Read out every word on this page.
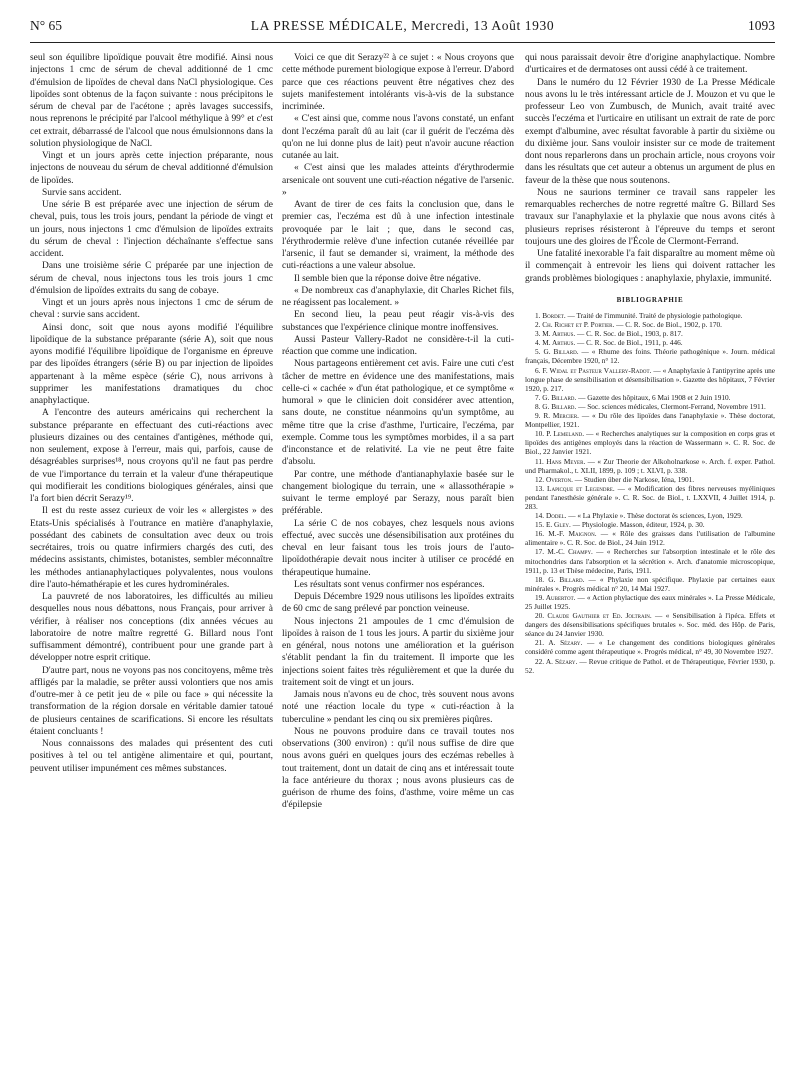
LA PRESSE MÉDICALE, Mercredi, 13 Août 1930
N° 65	1093

seul son équilibre lipoïdique pouvait être modifié. Ainsi nous injectons 1 cmc de sérum de cheval additionné de 1 cmc d'émulsion de lipoïdes de cheval dans NaCl physiologique. Ces lipoïdes sont obtenus de la façon suivante : nous précipitons le sérum de cheval par de l'acétone ; après lavages successifs, nous reprenons le précipité par l'alcool méthylique à 99° et c'est cet extrait, débarrassé de l'alcool que nous émulsionnons dans la solution physiologique de NaCl.

Vingt et un jours après cette injection préparante, nous injectons de nouveau du sérum de cheval additionné d'émulsion de lipoïdes.

Survie sans accident.

Une série B est préparée avec une injection de sérum de cheval, puis, tous les trois jours, pendant la période de vingt et un jours, nous injectons 1 cmc d'émulsion de lipoïdes extraits du sérum de cheval : l'injection déchaînante s'effectue sans accident.

Dans une troisième série C préparée par une injection de sérum de cheval, nous injectons tous les trois jours 1 cmc d'émulsion de lipoïdes extraits du sang de cobaye.

Vingt et un jours après nous injectons 1 cmc de sérum de cheval : survie sans accident.

Ainsi donc, soit que nous ayons modifié l'équilibre lipoïdique de la substance préparante (série A), soit que nous ayons modifié l'équilibre lipoïdique de l'organisme en épreuve par des lipoïdes étrangers (série B) ou par injection de lipoïdes appartenant à la même espèce (série C), nous arrivons à supprimer les manifestations dramatiques du choc anaphylactique.

A l'encontre des auteurs américains qui recherchent la substance préparante en effectuant des cuti-réactions avec plusieurs dizaines ou des centaines d'antigènes, méthode qui, non seulement, expose à l'erreur, mais qui, parfois, cause de désagréables surprises¹⁸, nous croyons qu'il ne faut pas perdre de vue l'importance du terrain et la valeur d'une thérapeutique qui modifierait les conditions biologiques générales, ainsi que l'a fort bien décrit Serazy¹⁹.

Il est du reste assez curieux de voir les « allergistes » des Etats-Unis spécialisés à l'outrance en matière d'anaphylaxie, possédant des cabinets de consultation avec deux ou trois secrétaires, trois ou quatre infirmiers chargés des cuti, des médecins assistants, chimistes, botanistes, sembler méconnaître les méthodes antianaphylactiques polyvalentes, nous voulons dire l'auto-hémathérapie et les cures hydrominérales.

La pauvreté de nos laboratoires, les difficultés au milieu desquelles nous nous débattons, nous Français, pour arriver à vérifier, à réaliser nos conceptions (dix années vécues au laboratoire de notre maître regretté G. Billard nous l'ont suffisamment démontré), contribuent pour une grande part à développer notre esprit critique.

D'autre part, nous ne voyons pas nos concitoyens, même très affligés par la maladie, se prêter aussi volontiers que nos amis d'outre-mer à ce petit jeu de « pile ou face » qui nécessite la transformation de la région dorsale en véritable damier tatoué de plusieurs centaines de scarifications. Si encore les résultats étaient concluants !

Nous connaissons des malades qui présentent des cuti positives à tel ou tel antigène alimentaire et qui, pourtant, peuvent utiliser impunément ces mêmes substances.

Voici ce que dit Serazy²² à ce sujet : « Nous croyons que cette méthode purement biologique expose à l'erreur. D'abord parce que ces réactions peuvent être négatives chez des sujets manifestement intolérants vis-à-vis de la substance incriminée.

« C'est ainsi que, comme nous l'avons constaté, un enfant dont l'eczéma paraît dû au lait (car il guérit de l'eczéma dès qu'on ne lui donne plus de lait) peut n'avoir aucune réaction cutanée au lait.

« C'est ainsi que les malades atteints d'érythrodermie arsenicale ont souvent une cuti-réaction négative de l'arsenic. »

Avant de tirer de ces faits la conclusion que, dans le premier cas, l'eczéma est dû à une infection intestinale provoquée par le lait ; que, dans le second cas, l'érythrodermie relève d'une infection cutanée réveillée par l'arsenic, il faut se demander si, vraiment, la méthode des cuti-réactions a une valeur absolue.

Il semble bien que la réponse doive être négative.

« De nombreux cas d'anaphylaxie, dit Charles Richet fils, ne réagissent pas localement. »

En second lieu, la peau peut réagir vis-à-vis des substances que l'expérience clinique montre inoffensives.

Aussi Pasteur Vallery-Radot ne considère-t-il la cuti-réaction que comme une indication.

Nous partageons entièrement cet avis. Faire une cuti c'est tâcher de mettre en évidence une des manifestations, mais celle-ci « cachée » d'un état pathologique, et ce symptôme « humoral » que le clinicien doit considérer avec attention, sans doute, ne constitue néanmoins qu'un symptôme, au même titre que la crise d'asthme, l'urticaire, l'eczéma, par exemple. Comme tous les symptômes morbides, il a sa part d'inconstance et de relativité. La vie ne peut être faite d'absolu.

Par contre, une méthode d'antianaphylaxie basée sur le changement biologique du terrain, une « allassothérapie » suivant le terme employé par Serazy, nous paraît bien préférable.

La série C de nos cobayes, chez lesquels nous avions effectué, avec succès une désensibilisation aux protéines du cheval en leur faisant tous les trois jours de l'auto-lipoïdothérapie devait nous inciter à utiliser ce procédé en thérapeutique humaine.

Les résultats sont venus confirmer nos espérances.

Depuis Décembre 1929 nous utilisons les lipoïdes extraits de 60 cmc de sang prélevé par ponction veineuse.

Nous injectons 21 ampoules de 1 cmc d'émulsion de lipoïdes à raison de 1 tous les jours. A partir du sixième jour en général, nous notons une amélioration et la guérison s'établit pendant la fin du traitement. Il importe que les injections soient faites très régulièrement et que la durée du traitement soit de vingt et un jours.

Jamais nous n'avons eu de choc, très souvent nous avons noté une réaction locale du type « cuti-réaction à la tuberculine » pendant les cinq ou six premières piqûres.

Nous ne pouvons produire dans ce travail toutes nos observations (300 environ) : qu'il nous suffise de dire que nous avons guéri en quelques jours des eczémas rebelles à tout traitement, dont un datait de cinq ans et intéressait toute la face antérieure du thorax ; nous avons plusieurs cas de guérison de rhume des foins, d'asthme, voire même un cas d'épilepsie

qui nous paraissait devoir être d'origine anaphylactique. Nombre d'urticaires et de dermatoses ont aussi cédé à ce traitement.

Dans le numéro du 12 Février 1930 de La Presse Médicale nous avons lu le très intéressant article de J. Mouzon et vu que le professeur Leo von Zumbusch, de Munich, avait traité avec succès l'eczéma et l'urticaire en utilisant un extrait de rate de porc exempt d'albumine, avec résultat favorable à partir du sixième ou du dixième jour. Sans vouloir insister sur ce mode de traitement dont nous reparlerons dans un prochain article, nous croyons voir dans les résultats que cet auteur a obtenus un argument de plus en faveur de la thèse que nous soutenons.

Nous ne saurions terminer ce travail sans rappeler les remarquables recherches de notre regretté maître G. Billard Ses travaux sur l'anaphylaxie et la phylaxie que nous avons cités à plusieurs reprises résisteront à l'épreuve du temps et seront toujours une des gloires de l'École de Clermont-Ferrand.

Une fatalité inexorable l'a fait disparaître au moment même où il commençait à entrevoir les liens qui doivent rattacher les grands problèmes biologiques : anaphylaxie, phylaxie, immunité.

BIBLIOGRAPHIE

1. Bordet. — Traité de l'immunité. Traité de physiologie pathologique.

2. Ch. Richet et P. Portier. — C. R. Soc. de Biol., 1902, p. 170.

3. M. Arthus. — C. R. Soc. de Biol., 1903, p. 817.

4. M. Arthus. — C. R. Soc. de Biol., 1911, p. 446.

5. G. Billard. — « Rhume des foins. Théorie pathogénique ». Journ. médical français, Décembre 1920, n° 12.

6. F. Widal et Pasteur Vallery-Radot. — « Anaphylaxie à l'antipyrine après une longue phase de sensibilisation et désensibilisation ». Gazette des hôpitaux, 7 Février 1920, p. 217.

7. G. Billard. — Gazette des hôpitaux, 6 Mai 1908 et 2 Juin 1910.

8. G. Billard. — Soc. sciences médicales, Clermont-Ferrand, Novembre 1911.

9. R. Mercier. — « Du rôle des lipoïdes dans l'anaphylaxie ». Thèse doctorat, Montpellier, 1921.

10. P. Lemeland. — « Recherches analytiques sur la composition en corps gras et lipoïdes des antigènes employés dans la réaction de Wassermann ». C. R. Soc. de Biol., 22 Janvier 1921.

11. Hans Meyer. — « Zur Theorie der Alkoholnarkose ». Arch. f. exper. Pathol. und Pharmakol., t. XLII, 1899, p. 109 ; t. XLVI, p. 338.

12. Overton. — Studien über die Narkose, Iéna, 1901.

13. Lapicque et Legendre. — « Modification des fibres nerveuses myéliniques pendant l'anesthésie générale ». C. R. Soc. de Biol., t. LXXVII, 4 Juillet 1914, p. 283.

14. Dodel. — « La Phylaxie ». Thèse doctorat ès sciences, Lyon, 1929.

15. E. Gley. — Physiologie. Masson, éditeur, 1924, p. 30.

16. M.-F. Maignon. — « Rôle des graisses dans l'utilisation de l'albumine alimentaire ». C. R. Soc. de Biol., 24 Juin 1912.

17. M.-C. Champy. — « Recherches sur l'absorption intestinale et le rôle des mitochondries dans l'absorption et la sécrétion ». Arch. d'anatomie microscopique, 1911, p. 13 et Thèse médecine, Paris, 1911.

18. G. Billard. — « Phylaxie non spécifique. Phylaxie par certaines eaux minérales ». Progrès médical n° 20, 14 Mai 1927.

19. Aubertot. — « Action phylactique des eaux minérales ». La Presse Médicale, 25 Juillet 1925.

20. Claude Gauthier et Ed. Joltrain. — « Sensibilisation à l'ipéca. Effets et dangers des désensibilisations spécifiques brutales ». Soc. méd. des Hôp. de Paris, séance du 24 Janvier 1930.

21. A. Sézary. — « Le changement des conditions biologiques générales considéré comme agent thérapeutique ». Progrès médical, n° 49, 30 Novembre 1927.

22. A. Sézary. — Revue critique de Pathol. et de Thérapeutique, Février 1930, p. 52.
